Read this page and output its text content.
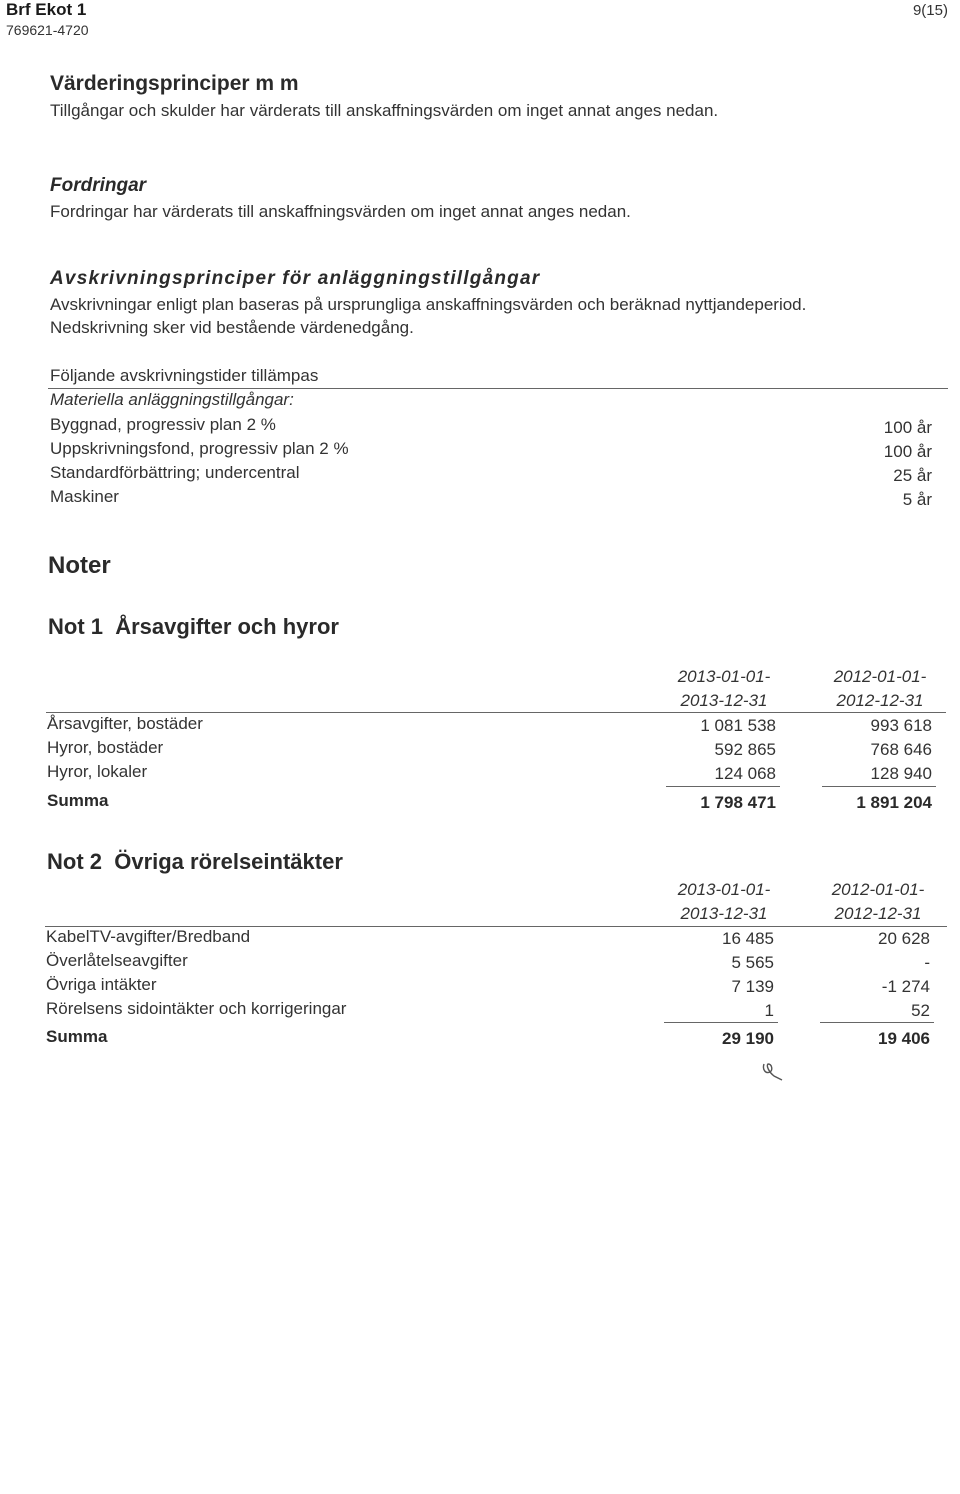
Brf Ekot 1
769621-4720
9(15)
Värderingsprinciper m m
Tillgångar och skulder har värderats till anskaffningsvärden om inget annat anges nedan.
Fordringar
Fordringar har värderats till anskaffningsvärden om inget annat anges nedan.
Avskrivningsprinciper för anläggningstillgångar
Avskrivningar enligt plan baseras på ursprungliga anskaffningsvärden och beräknad nyttjandeperiod.
Nedskrivning sker vid bestående värdenedgång.
Följande avskrivningstider tillämpas
Materiella anläggningstillgångar:
Byggnad, progressiv plan 2 %	100 år
Uppskrivningsfond, progressiv plan 2 %	100 år
Standardförbättring; undercentral	25 år
Maskiner	5 år
Noter
Not 1  Årsavgifter och hyror
2013-01-01-
2013-12-31
2012-01-01-
2012-12-31
Årsavgifter, bostäder	1 081 538	993 618
Hyror, bostäder	592 865	768 646
Hyror, lokaler	124 068	128 940
Summa	1 798 471	1 891 204
Not 2  Övriga rörelseintäkter
2013-01-01-
2013-12-31
2012-01-01-
2012-12-31
KabelTV-avgifter/Bredband	16 485	20 628
Överlåtelseavgifter	5 565	-
Övriga intäkter	7 139	-1 274
Rörelsens sidointäkter och korrigeringar	1	52
Summa	29 190	19 406
